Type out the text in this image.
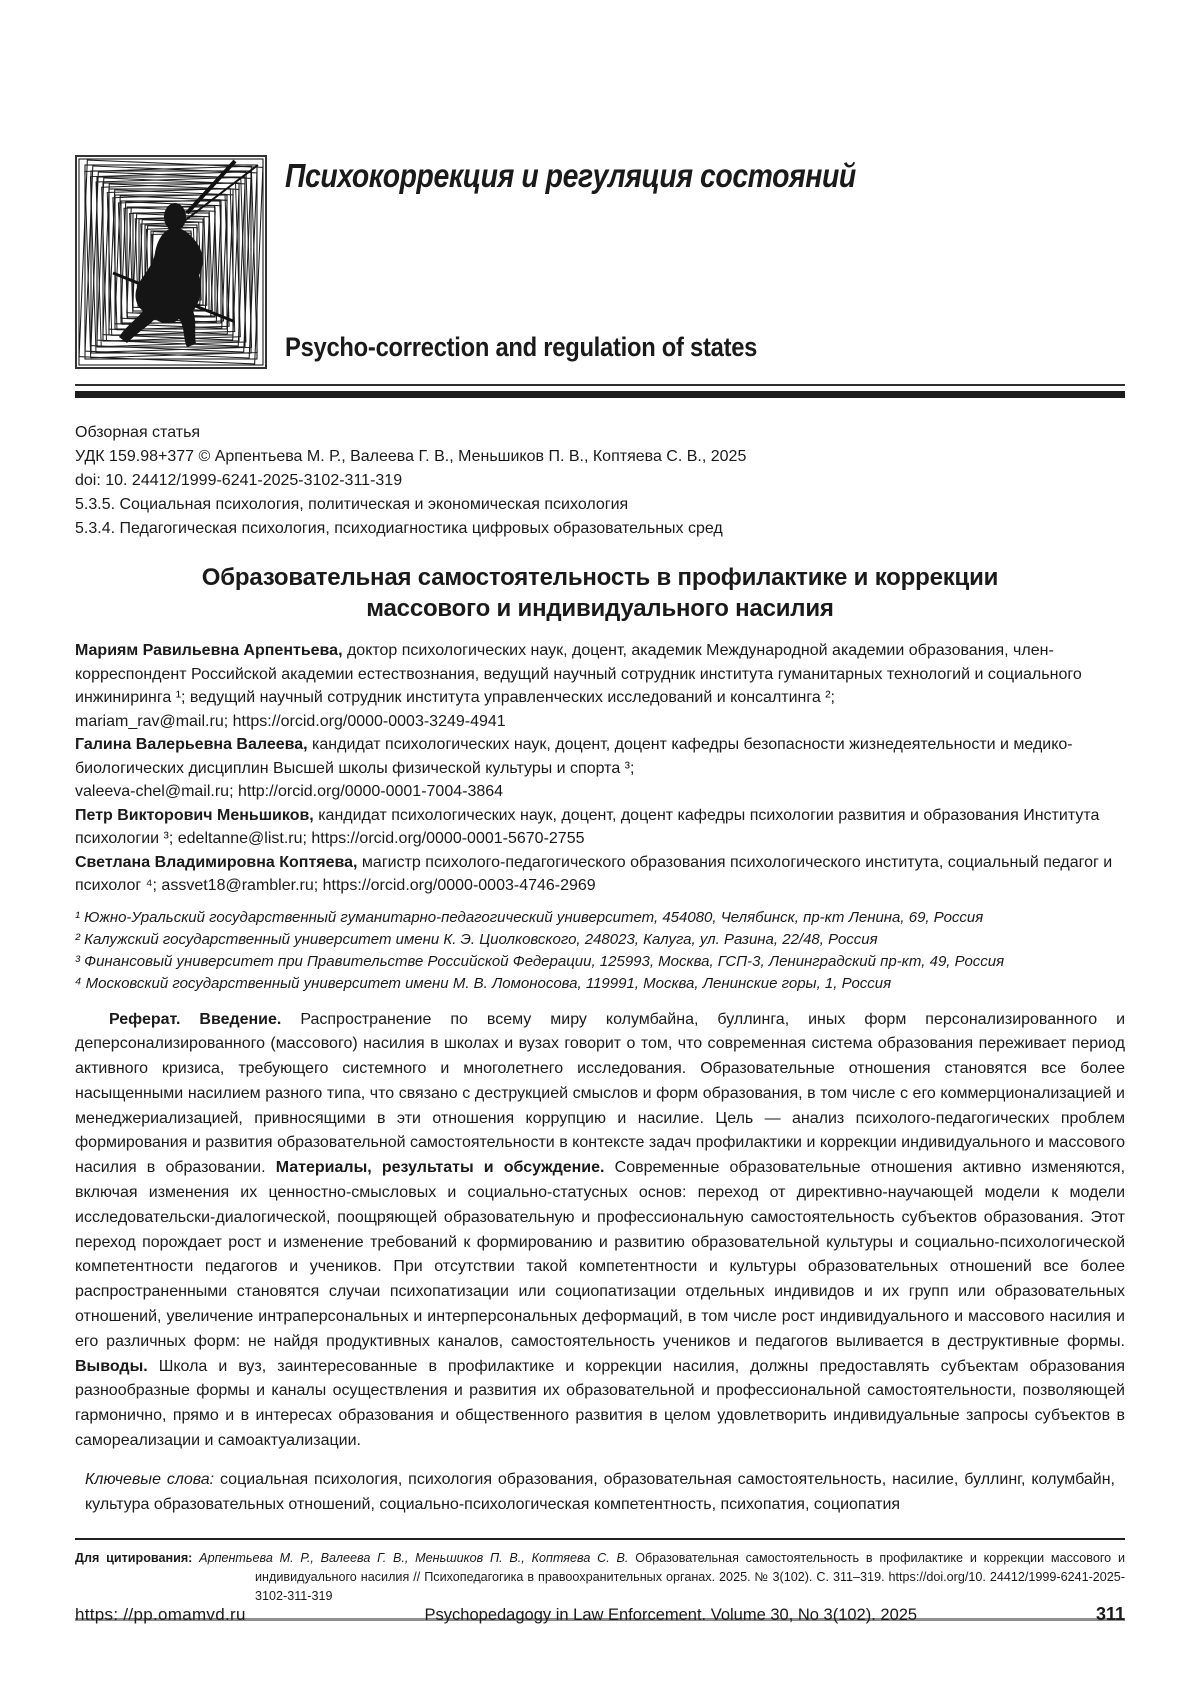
Психокоррекция и регуляция состояний
Psycho-correction and regulation of states

Обзорная статья

УДК 159.98+377 © Арпентьева М. Р., Валеева Г. В., Меньшиков П. В., Коптяева С. В., 2025

doi: 10. 24412/1999-6241-2025-3102-311-319

5.3.5. Социальная психология, политическая и экономическая психология

5.3.4. Педагогическая психология, психодиагностика цифровых образовательных сред

Образовательная самостоятельность в профилактике и коррекции массового и индивидуального насилия

Мариям Равильевна Арпентьева, доктор психологических наук, доцент, академик Международной академии образования, член-корреспондент Российской академии естествознания, ведущий научный сотрудник института гуманитарных технологий и социального инжиниринга ¹; ведущий научный сотрудник института управленческих исследований и консалтинга ²;
mariam_rav@mail.ru; https://orcid.org/0000-0003-3249-4941

Галина Валерьевна Валеева, кандидат психологических наук, доцент, доцент кафедры безопасности жизнедеятельности и медико-биологических дисциплин Высшей школы физической культуры и спорта ³;
valeeva-chel@mail.ru; http://orcid.org/0000-0001-7004-3864

Петр Викторович Меньшиков, кандидат психологических наук, доцент, доцент кафедры психологии развития и образования Института психологии ³; edeltanne@list.ru; https://orcid.org/0000-0001-5670-2755

Светлана Владимировна Коптяева, магистр психолого-педагогического образования психологического института, социальный педагог и психолог ⁴; assvet18@rambler.ru; https://orcid.org/0000-0003-4746-2969

¹ Южно-Уральский государственный гуманитарно-педагогический университет, 454080, Челябинск, пр-кт Ленина, 69, Россия

² Калужский государственный университет имени К. Э. Циолковского, 248023, Калуга, ул. Разина, 22/48, Россия

³ Финансовый университет при Правительстве Российской Федерации, 125993, Москва, ГСП-3, Ленинградский пр-кт, 49, Россия

⁴ Московский государственный университет имени М. В. Ломоносова, 119991, Москва, Ленинские горы, 1, Россия

Реферат. Введение. Распространение по всему миру колумбайна, буллинга, иных форм персонализированного и деперсонализированного (массового) насилия в школах и вузах говорит о том, что современная система образования переживает период активного кризиса, требующего системного и многолетнего исследования. Образовательные отношения становятся все более насыщенными насилием разного типа, что связано с деструкцией смыслов и форм образования, в том числе с его коммерционализацией и менеджериализацией, привносящими в эти отношения коррупцию и насилие. Цель — анализ психолого-педагогических проблем формирования и развития образовательной самостоятельности в контексте задач профилактики и коррекции индивидуального и массового насилия в образовании. Материалы, результаты и обсуждение. Современные образовательные отношения активно изменяются, включая изменения их ценностно-смысловых и социально-статусных основ: переход от директивно-научающей модели к модели исследовательски-диалогической, поощряющей образовательную и профессиональную самостоятельность субъектов образования. Этот переход порождает рост и изменение требований к формированию и развитию образовательной культуры и социально-психологической компетентности педагогов и учеников. При отсутствии такой компетентности и культуры образовательных отношений все более распространенными становятся случаи психопатизации или социопатизации отдельных индивидов и их групп или образовательных отношений, увеличение интраперсональных и интерперсональных деформаций, в том числе рост индивидуального и массового насилия и его различных форм: не найдя продуктивных каналов, самостоятельность учеников и педагогов выливается в деструктивные формы. Выводы. Школа и вуз, заинтересованные в профилактике и коррекции насилия, должны предоставлять субъектам образования разнообразные формы и каналы осуществления и развития их образовательной и профессиональной самостоятельности, позволяющей гармонично, прямо и в интересах образования и общественного развития в целом удовлетворить индивидуальные запросы субъектов в самореализации и самоактуализации.

Ключевые слова: социальная психология, психология образования, образовательная самостоятельность, насилие, буллинг, колумбайн, культура образовательных отношений, социально-психологическая компетентность, психопатия, социопатия

Для цитирования: Арпентьева М. Р., Валеева Г. В., Меньшиков П. В., Коптяева С. В. Образовательная самостоятельность в профилактике и коррекции массового и индивидуального насилия // Психопедагогика в правоохранительных органах. 2025. № 3(102). С. 311–319. https://doi.org/10. 24412/1999-6241-2025-3102-311-319

https: //pp.omamvd.ru	Psychopedagogy in Law Enforcement. Volume 30, No 3(102). 2025	311
